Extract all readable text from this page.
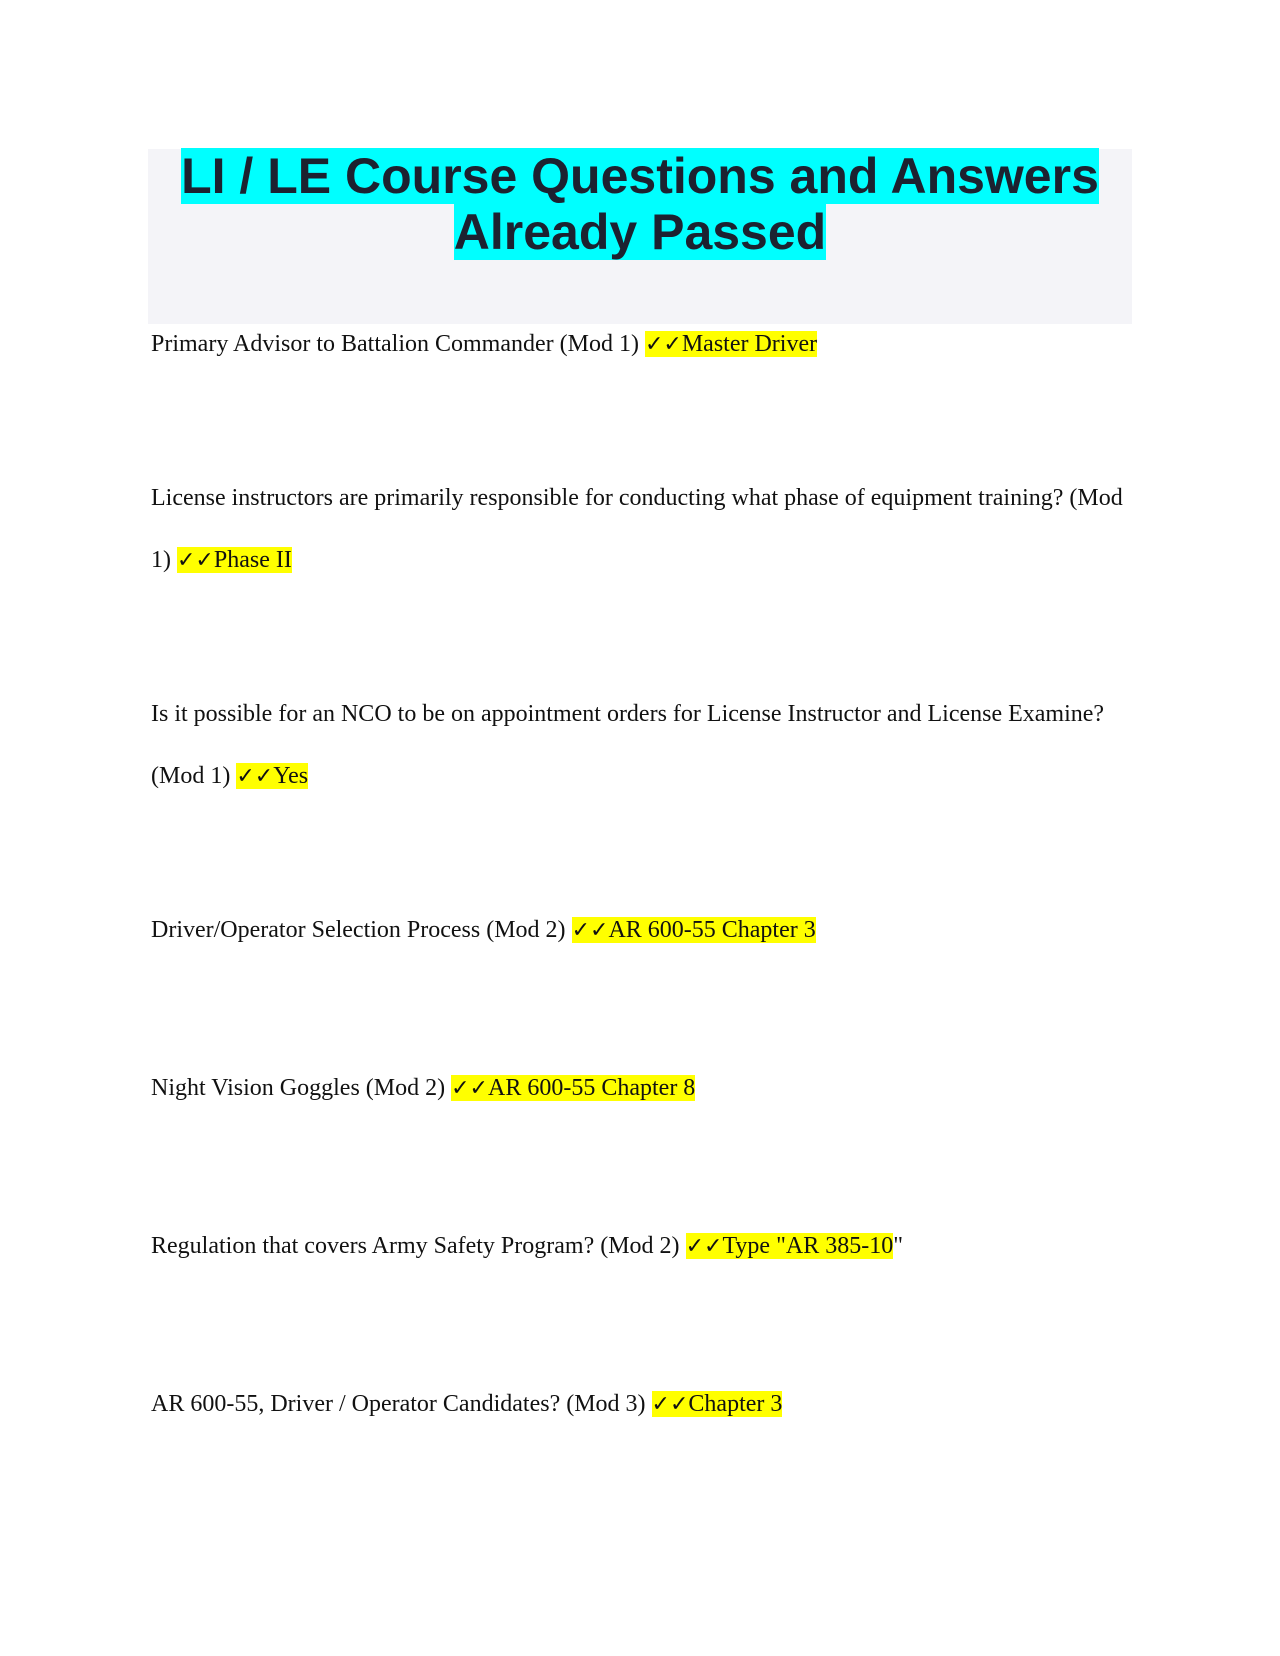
LI / LE Course Questions and Answers
Already Passed

Primary Advisor to Battalion Commander (Mod 1) ✓✓Master Driver

License instructors are primarily responsible for conducting what phase of equipment training? (Mod 1) ✓✓Phase II

Is it possible for an NCO to be on appointment orders for License Instructor and License Examine? (Mod 1) ✓✓Yes

Driver/Operator Selection Process (Mod 2) ✓✓AR 600-55 Chapter 3

Night Vision Goggles (Mod 2) ✓✓AR 600-55 Chapter 8

Regulation that covers Army Safety Program? (Mod 2) ✓✓Type "AR 385-10"

AR 600-55, Driver / Operator Candidates? (Mod 3) ✓✓Chapter 3
